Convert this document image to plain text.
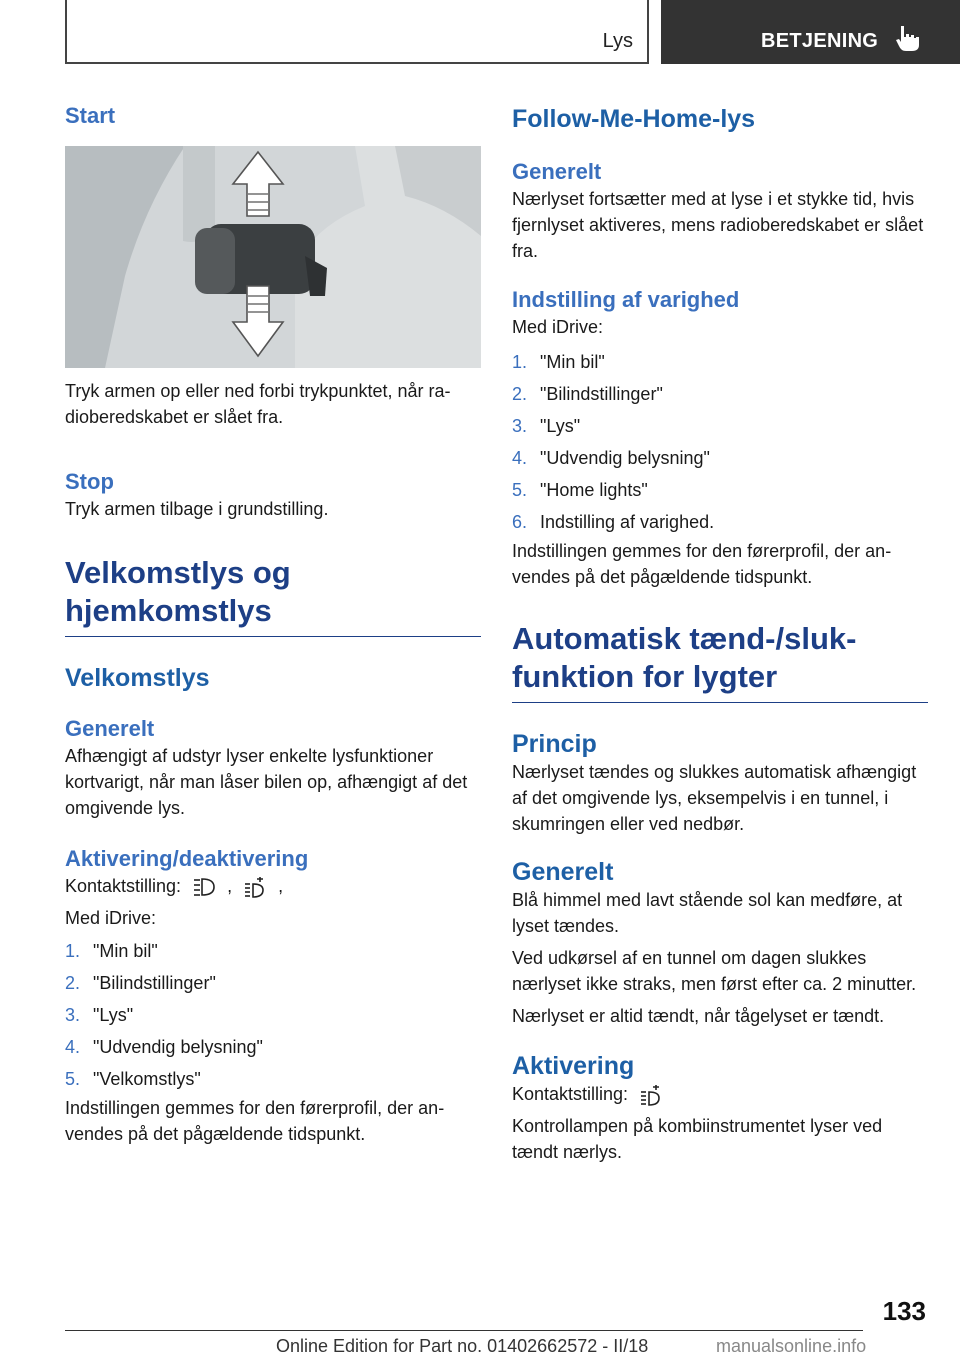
Lys	BETJENING
Start

Tryk armen op eller ned forbi trykpunktet, når radioberedskabet er slået fra.

Stop

Tryk armen tilbage i grundstilling.

Velkomstlys og hjemkomstlys
Velkomstlys
Generelt

Afhængigt af udstyr lyser enkelte lysfunktioner kortvarigt, når man låser bilen op, afhængigt af det omgivende lys.

Aktivering/deaktivering

Kontaktstilling:	,	,

Med iDrive:

1. "Min bil"
2. "Bilindstillinger"
3. "Lys"
4. "Udvendig belysning"
5. "Velkomstlys"

Indstillingen gemmes for den førerprofil, der anvendes på det pågældende tidspunkt.

Follow-Me-Home-lys
Generelt

Nærlyset fortsætter med at lyse i et stykke tid, hvis fjernlyset aktiveres, mens radioberedskabet er slået fra.

Indstilling af varighed

Med iDrive:

1. "Min bil"
2. "Bilindstillinger"
3. "Lys"
4. "Udvendig belysning"
5. "Home lights"
6. Indstilling af varighed.

Indstillingen gemmes for den førerprofil, der anvendes på det pågældende tidspunkt.

Automatisk tænd-/slukfunktion for lygter
Princip

Nærlyset tændes og slukkes automatisk afhængigt af det omgivende lys, eksempelvis i en tunnel, i skumringen eller ved nedbør.

Generelt

Blå himmel med lavt stående sol kan medføre, at lyset tændes.

Ved udkørsel af en tunnel om dagen slukkes nærlyset ikke straks, men først efter ca. 2 minutter.

Nærlyset er altid tændt, når tågelyset er tændt.

Aktivering

Kontaktstilling:

Kontrollampen på kombiinstrumentet lyser ved tændt nærlys.

133
Online Edition for Part no. 01402662572 - II/18	manualsonline.info
